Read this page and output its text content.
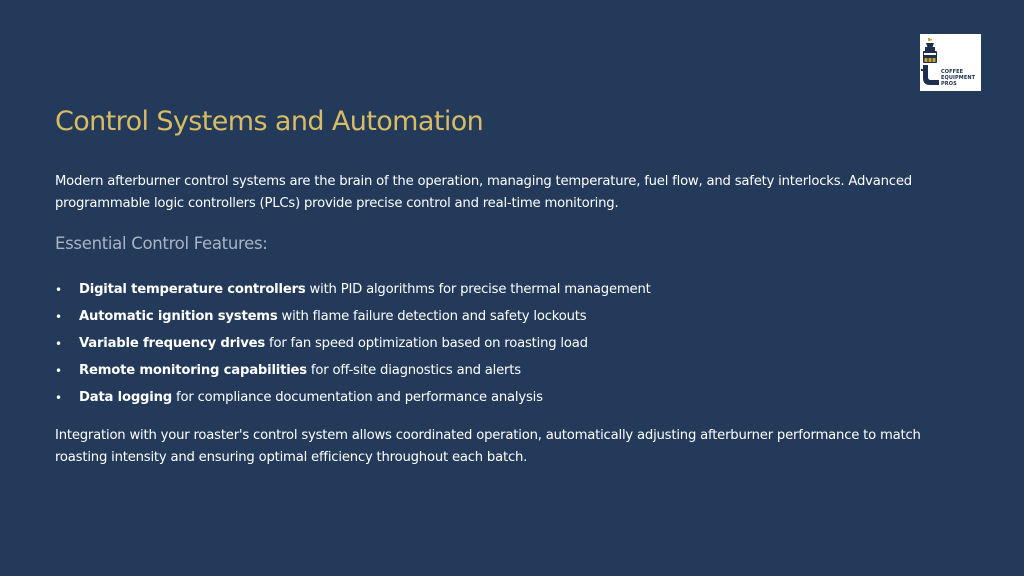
COFFEE
EQUIPMENT
PROS
Control Systems and Automation

Modern afterburner control systems are the brain of the operation, managing temperature, fuel flow, and safety interlocks. Advanced programmable logic controllers (PLCs) provide precise control and real-time monitoring.

Essential Control Features:
• Digital temperature controllers with PID algorithms for precise thermal management
• Automatic ignition systems with flame failure detection and safety lockouts
• Variable frequency drives for fan speed optimization based on roasting load
• Remote monitoring capabilities for off-site diagnostics and alerts
• Data logging for compliance documentation and performance analysis

Integration with your roaster's control system allows coordinated operation, automatically adjusting afterburner performance to match roasting intensity and ensuring optimal efficiency throughout each batch.
